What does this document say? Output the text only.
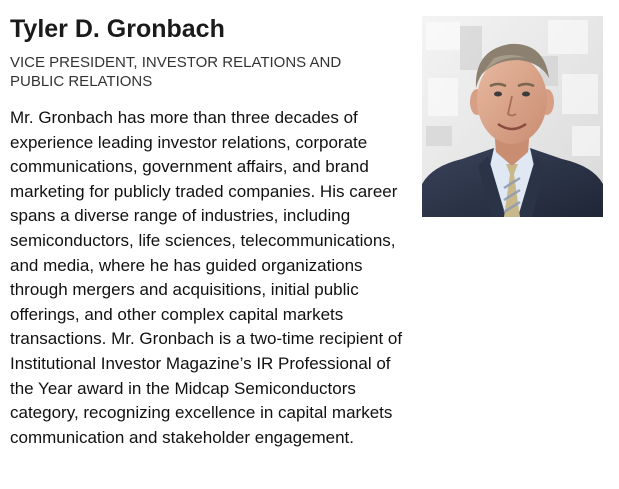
Tyler D. Gronbach

VICE PRESIDENT, INVESTOR RELATIONS AND PUBLIC RELATIONS

Mr. Gronbach has more than three decades of experience leading investor relations, corporate communications, government affairs, and brand marketing for publicly traded companies. His career spans a diverse range of industries, including semiconductors, life sciences, telecommunications, and media, where he has guided organizations through mergers and acquisitions, initial public offerings, and other complex capital markets transactions. Mr. Gronbach is a two-time recipient of Institutional Investor Magazine’s IR Professional of the Year award in the Midcap Semiconductors category, recognizing excellence in capital markets communication and stakeholder engagement.
